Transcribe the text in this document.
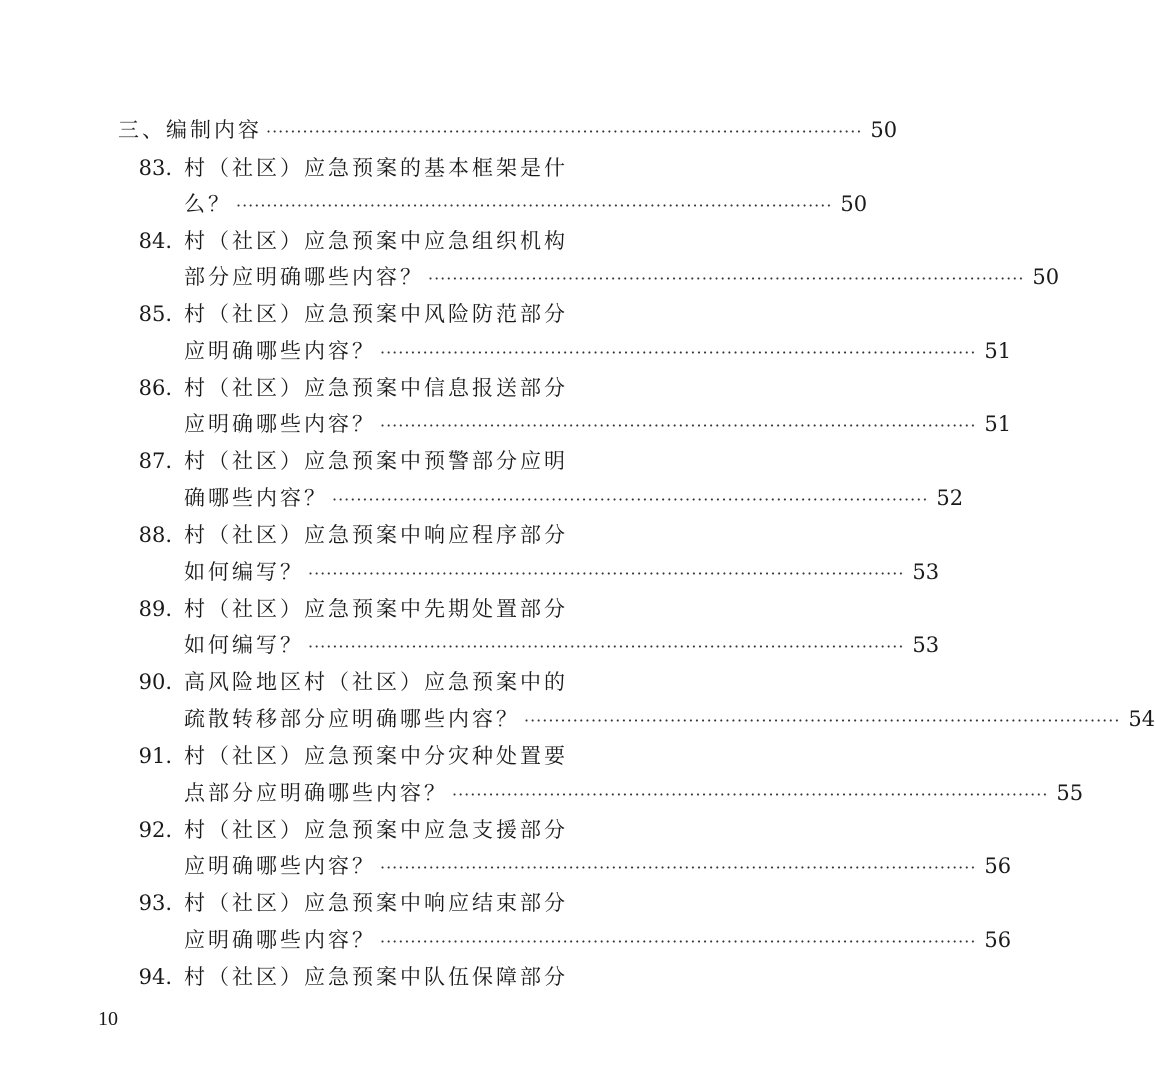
三、编制内容 ·································································································· 50
83. 村（社区）应急预案的基本框架是什
么？ ·································································································· 50
84. 村（社区）应急预案中应急组织机构
部分应明确哪些内容？ ·································································································· 50
85. 村（社区）应急预案中风险防范部分
应明确哪些内容？ ·································································································· 51
86. 村（社区）应急预案中信息报送部分
应明确哪些内容？ ·································································································· 51
87. 村（社区）应急预案中预警部分应明
确哪些内容？ ·································································································· 52
88. 村（社区）应急预案中响应程序部分
如何编写？ ·································································································· 53
89. 村（社区）应急预案中先期处置部分
如何编写？ ·································································································· 53
90. 高风险地区村（社区）应急预案中的
疏散转移部分应明确哪些内容？ ·································································································· 54
91. 村（社区）应急预案中分灾种处置要
点部分应明确哪些内容？ ·································································································· 55
92. 村（社区）应急预案中应急支援部分
应明确哪些内容？ ·································································································· 56
93. 村（社区）应急预案中响应结束部分
应明确哪些内容？ ·································································································· 56
94. 村（社区）应急预案中队伍保障部分
10
